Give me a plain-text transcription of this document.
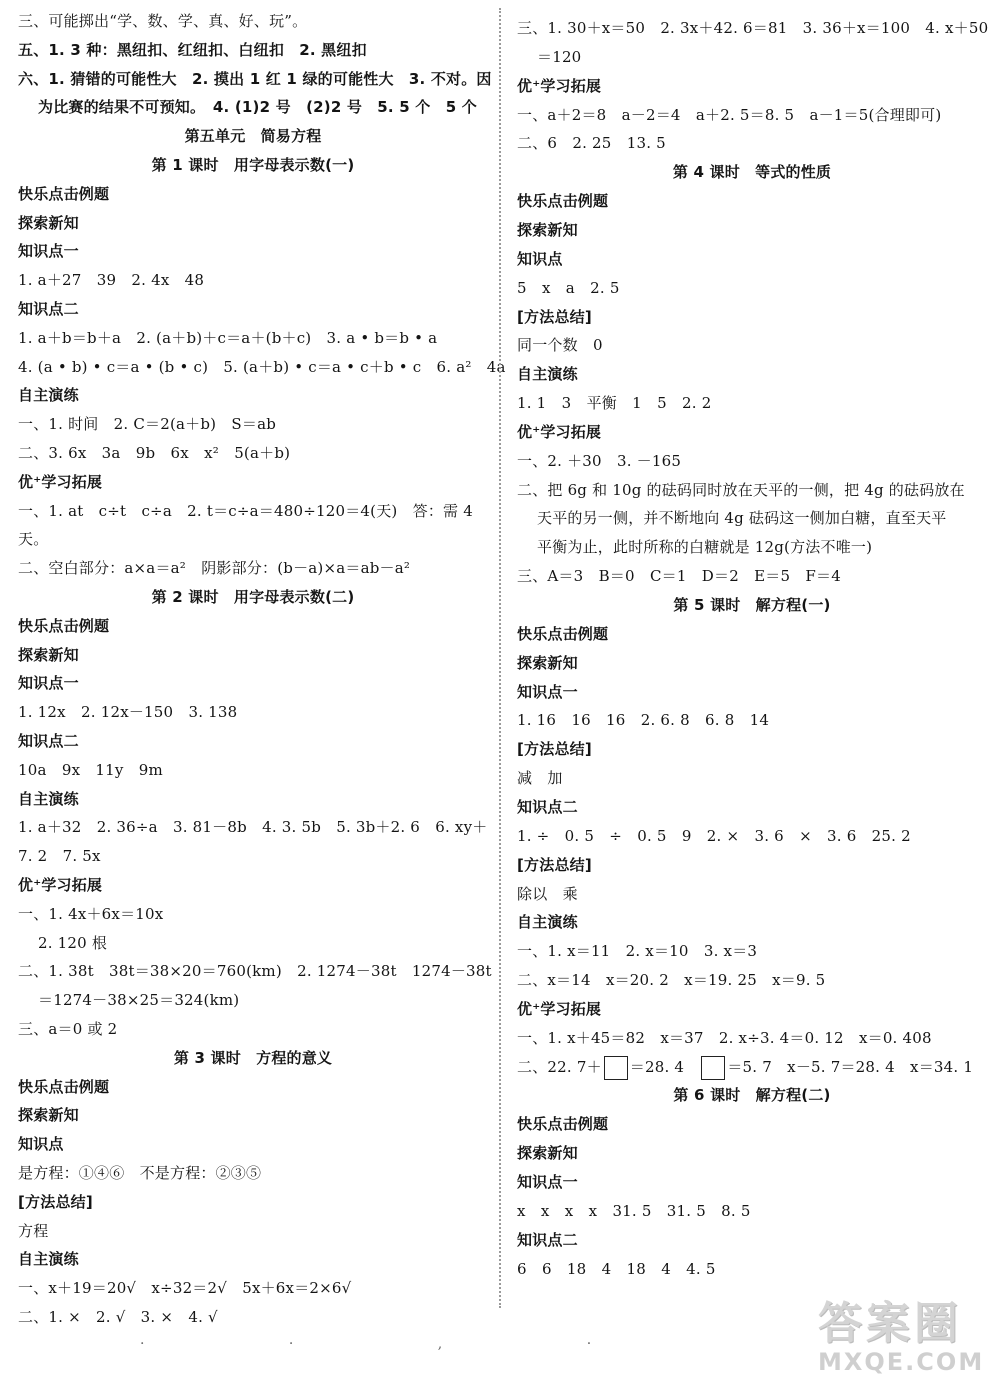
三、可能掷出“学、数、学、真、好、玩”。
五、1. 3 种：黑纽扣、红纽扣、白纽扣　2. 黑纽扣
六、1. 猜错的可能性大　2. 摸出 1 红 1 绿的可能性大　3. 不对。因
为比赛的结果不可预知。　4. (1)2 号　(2)2 号　5. 5 个　5 个
第五单元　简易方程
第 1 课时　用字母表示数(一)
快乐点击例题
探索新知
知识点一
1. a＋27　39　2. 4x　48
知识点二
1. a＋b＝b＋a　2. (a＋b)＋c＝a＋(b＋c)　3. a • b＝b • a
4. (a • b) • c＝a • (b • c)　5. (a＋b) • c＝a • c＋b • c　6. a²　4a
自主演练
一、1. 时间　2. C＝2(a＋b)　S＝ab
二、3. 6x　3a　9b　6x　x²　5(a＋b)
优⁺学习拓展
一、1. at　c÷t　c÷a　2. t＝c÷a＝480÷120＝4(天)　答：需 4
天。
二、空白部分：a×a＝a²　阴影部分：(b－a)×a＝ab－a²
第 2 课时　用字母表示数(二)
快乐点击例题
探索新知
知识点一
1. 12x　2. 12x－150　3. 138
知识点二
10a　9x　11y　9m
自主演练
1. a＋32　2. 36÷a　3. 81－8b　4. 3. 5b　5. 3b＋2. 6　6. xy＋
7. 2　7. 5x
优⁺学习拓展
一、1. 4x＋6x＝10x
2. 120 根
二、1. 38t　38t＝38×20＝760(km)　2. 1274－38t　1274－38t
＝1274－38×25＝324(km)
三、a＝0 或 2
第 3 课时　方程的意义
快乐点击例题
探索新知
知识点
是方程：①④⑥　不是方程：②③⑤
[方法总结]
方程
自主演练
一、x＋19＝20√　x÷32＝2√　5x＋6x＝2×6√
二、1. ×　2. √　3. ×　4. √
三、1. 30＋x＝50　2. 3x＋42. 6＝81　3. 36＋x＝100　4. x＋50
＝120
优⁺学习拓展
一、a＋2＝8　a－2＝4　a＋2. 5＝8. 5　a－1＝5(合理即可)
二、6　2. 25　13. 5
第 4 课时　等式的性质
快乐点击例题
探索新知
知识点
5　x　a　2. 5
[方法总结]
同一个数　0
自主演练
1. 1　3　平衡　1　5　2. 2
优⁺学习拓展
一、2. ＋30　3. －165
二、把 6g 和 10g 的砝码同时放在天平的一侧，把 4g 的砝码放在
天平的另一侧，并不断地向 4g 砝码这一侧加白糖，直至天平
平衡为止，此时所称的白糖就是 12g(方法不唯一)
三、A＝3　B＝0　C＝1　D＝2　E＝5　F＝4
第 5 课时　解方程(一)
快乐点击例题
探索新知
知识点一
1. 16　16　16　2. 6. 8　6. 8　14
[方法总结]
减　加
知识点二
1. ÷　0. 5　÷　0. 5　9　2. ×　3. 6　×　3. 6　25. 2
[方法总结]
除以　乘
自主演练
一、1. x＝11　2. x＝10　3. x＝3
二、x＝14　x＝20. 2　x＝19. 25　x＝9. 5
优⁺学习拓展
一、1. x＋45＝82　x＝37　2. x÷3. 4＝0. 12　x＝0. 408
二、22. 7＋ ＝28. 4　＝5. 7　x－5. 7＝28. 4　x＝34. 1
第 6 课时　解方程(二)
快乐点击例题
探索新知
知识点一
x　x　x　x　31. 5　31. 5　8. 5
知识点二
6　6　18　4　18　4　4. 5
· · , ·	答案圈
MXQE.COM
